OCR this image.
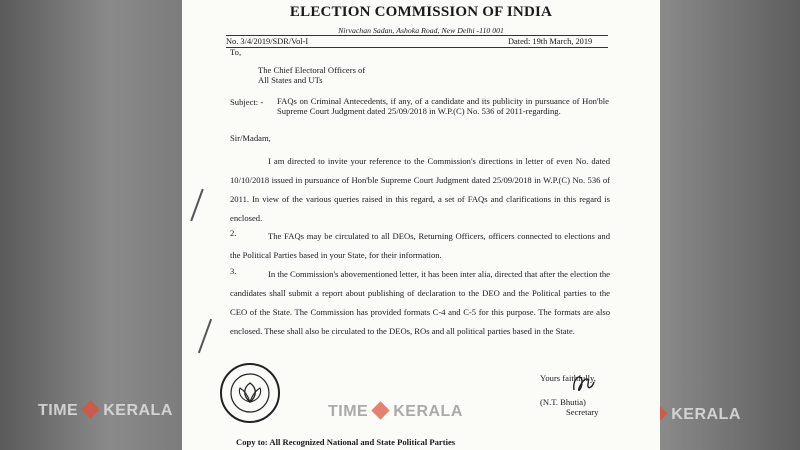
TIME KERALA	KERALA
ELECTION COMMISSION OF INDIA
Nirvachan Sadan, Ashoka Road, New Delhi -110 001
No. 3/4/2019/SDR/Vol-I	Dated: 19th March, 2019
To,
The Chief Electoral Officers of
All States and UTs
Subject: - FAQs on Criminal Antecedents, if any, of a candidate and its publicity in pursuance of Hon'ble Supreme Court Judgment dated 25/09/2018 in W.P.(C) No. 536 of 2011-regarding.
Sir/Madam,
I am directed to invite your reference to the Commission's directions in letter of even No. dated 10/10/2018 issued in pursuance of Hon'ble Supreme Court Judgment dated 25/09/2018 in W.P.(C) No. 536 of 2011. In view of the various queries raised in this regard, a set of FAQs and clarifications in this regard is enclosed.
2.	The FAQs may be circulated to all DEOs, Returning Officers, officers connected to elections and the Political Parties based in your State, for their information.
3.	In the Commission's abovementioned letter, it has been inter alia, directed that after the election the candidates shall submit a report about publishing of declaration to the DEO and the Political parties to the CEO of the State. The Commission has provided formats C-4 and C-5 for this purpose. The formats are also enclosed. These shall also be circulated to the DEOs, ROs and all political parties based in the State.
Yours faithfully,
(N.T. Bhutia)
Secretary
TIME KERALA
Copy to: All Recognized National and State Political Parties
